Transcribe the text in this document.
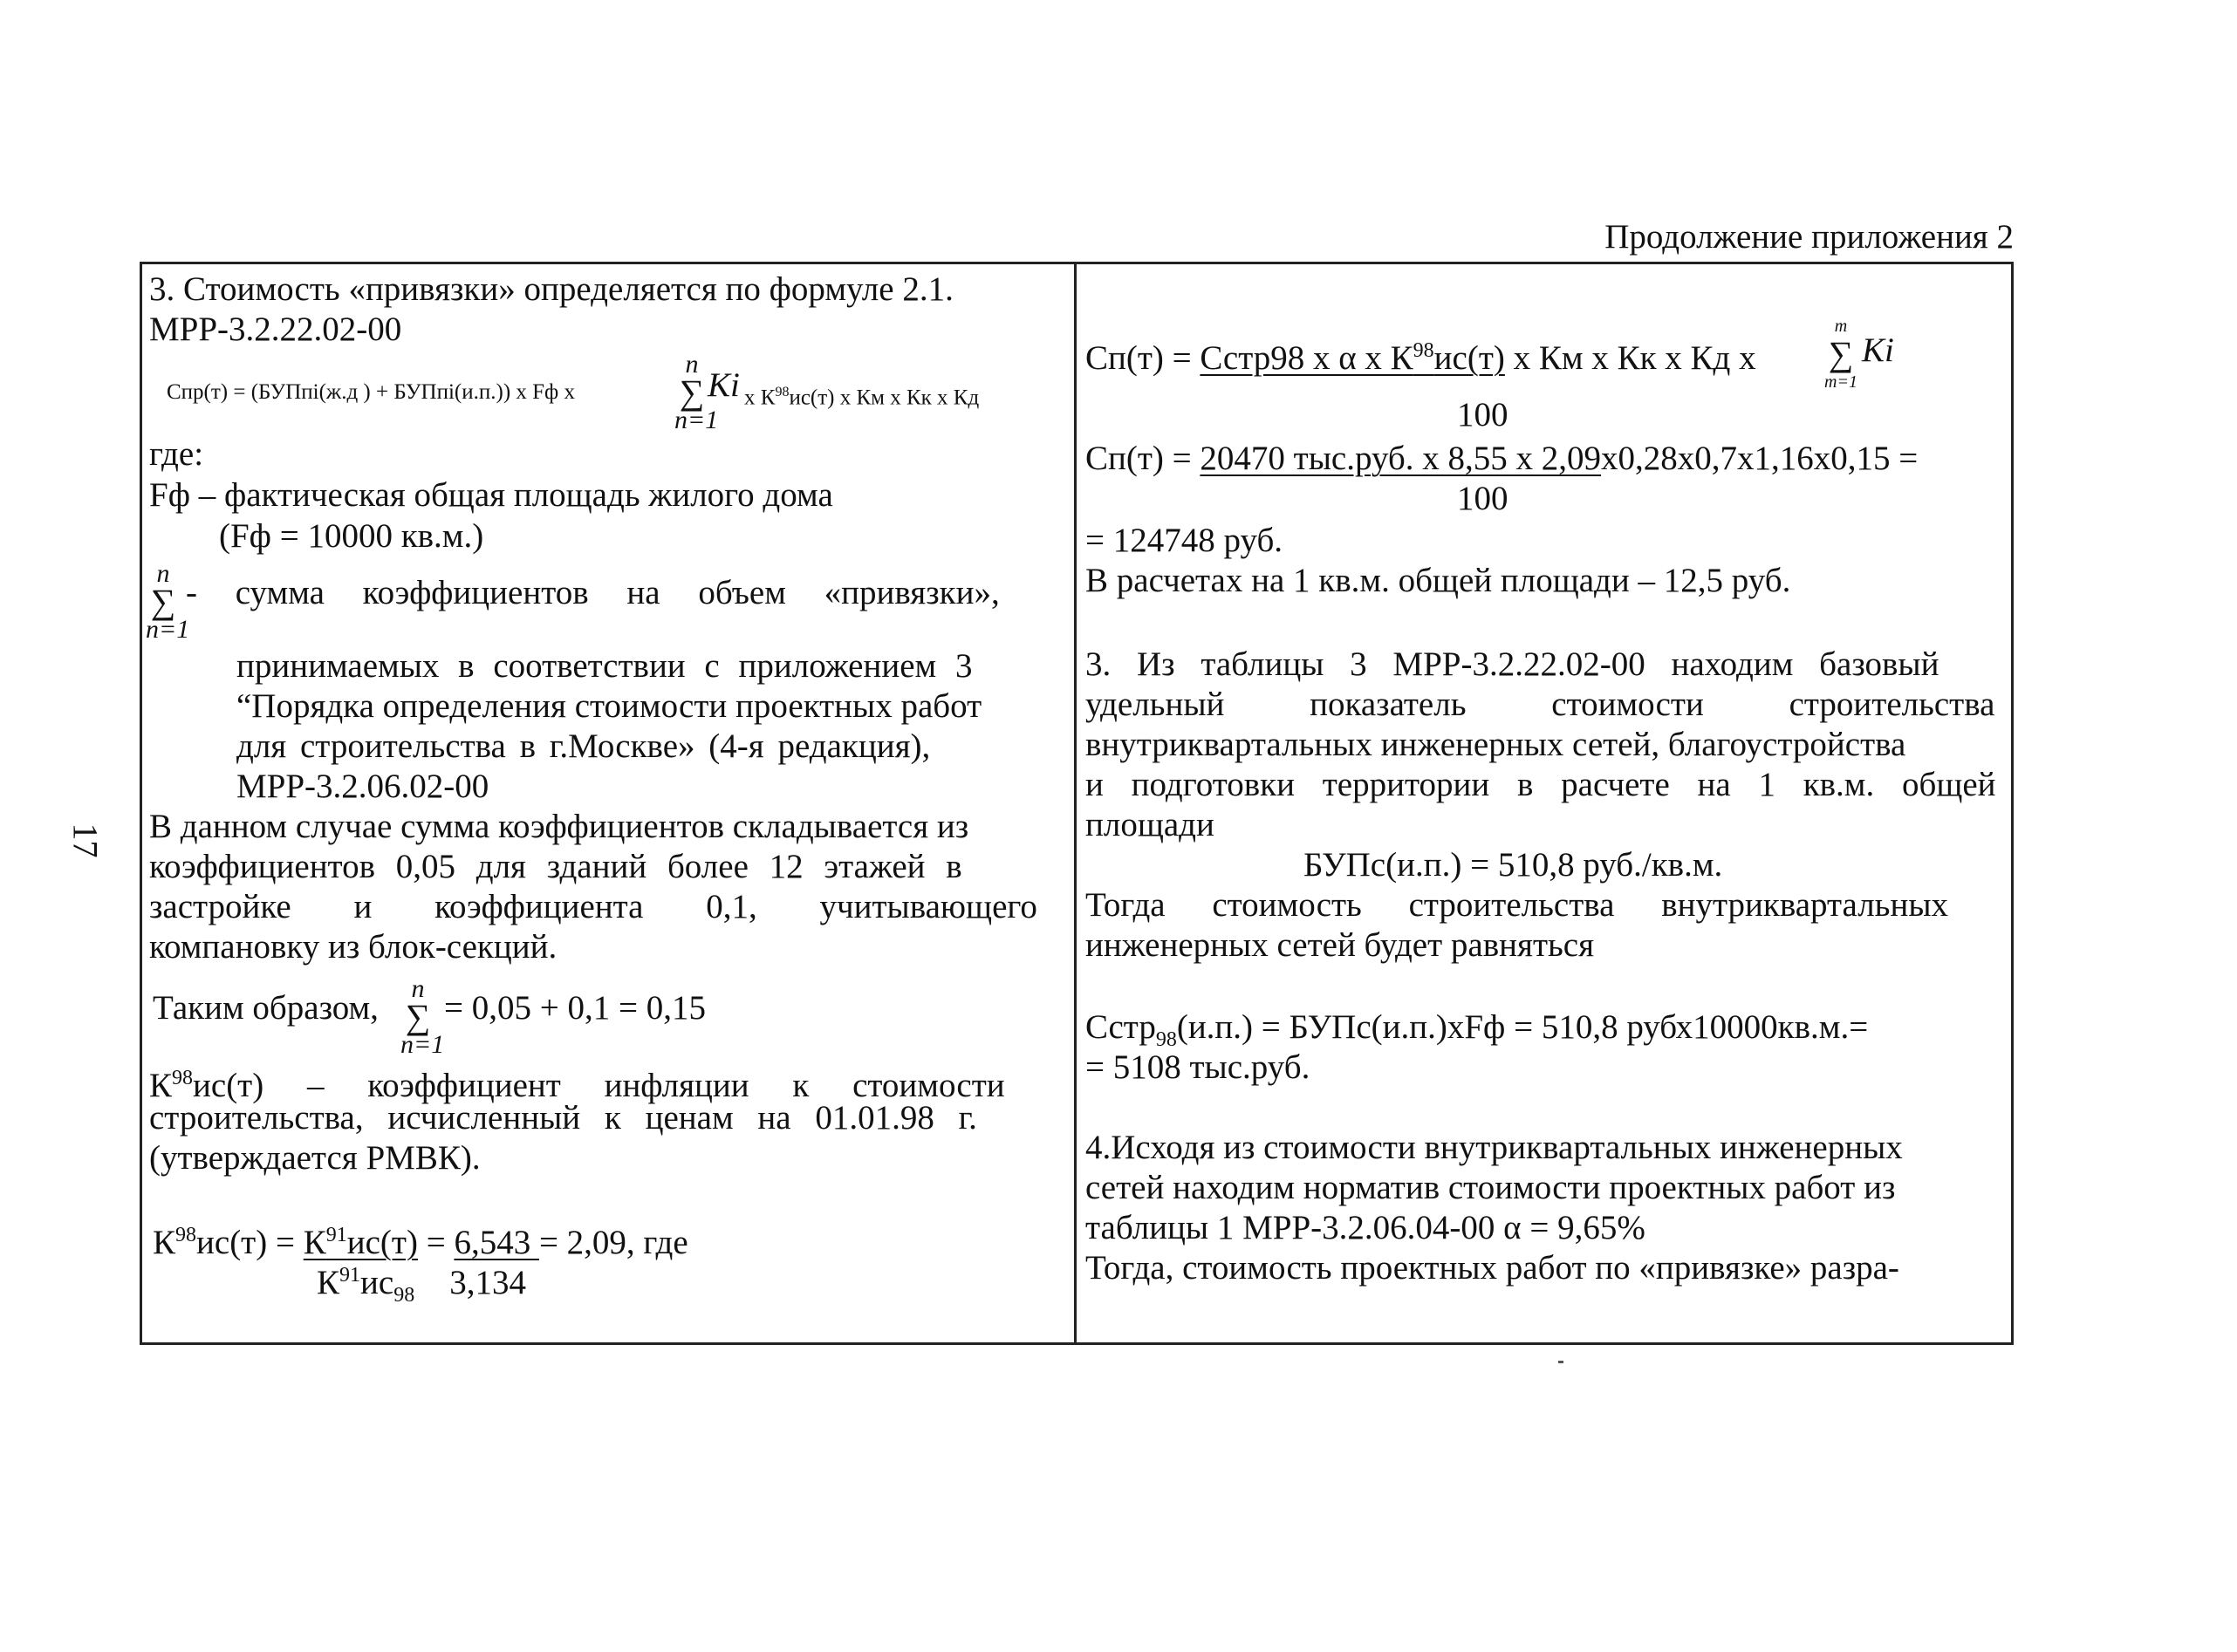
Продолжение приложения 2
17
3. Стоимость «привязки» определяется по формуле 2.1.
МРР-3.2.22.02-00
Спр(т) = (БУПпi(ж.д ) + БУПпi(и.п.)) х Fф х
n
∑
n=1
Ki х $К^{98}ис(т)$ х Км х Кк х Кд
где:
Fф – фактическая общая площадь жилого дома
(Fф = 10000 кв.м.)
n
∑
n=1
- сумма коэффициентов на объем «привязки»,
принимаемых в соответствии с приложением 3
“Порядка определения стоимости проектных работ
для строительства в г.Москве» (4-я редакция),
МРР-3.2.06.02-00
В данном случае сумма коэффициентов складывается из
коэффициентов 0,05 для зданий более 12 этажей в
застройке и коэффициента 0,1, учитывающего
компановку из блок-секций.
Таким образом,
n
∑
n=1
= 0,05 + 0,1 = 0,15
$К^{98}ис(т)$ – коэффициент инфляции к стоимости
строительства, исчисленный к ценам на 01.01.98 г.
(утверждается РМВК).
$К^{98}ис(т) = К^{91}ис(т) = 6,543 = 2,09$, где
$К^{91}ис_{98}$ 3,134
Сп(т) = Сстр98 х α х $К^{98}ис(т)$ х Км х Кк х Кд х
m
∑
m=1
Ki
100
Сп(т) = 20470 тыс.руб. х 8,55 х 2,09х0,28х0,7х1,16х0,15 =
100
= 124748 руб.
В расчетах на 1 кв.м. общей площади – 12,5 руб.
3. Из таблицы 3 МРР-3.2.22.02-00 находим базовый
удельный показатель стоимости строительства
внутриквартальных инженерных сетей, благоустройства
и подготовки территории в расчете на 1 кв.м. общей
площади
БУПс(и.п.) = 510,8 руб./кв.м.
Тогда стоимость строительства внутриквартальных
инженерных сетей будет равняться
Сстр$_{98}$(и.п.) = БУПс(и.п.)хFф = 510,8 рубх10000кв.м.=
= 5108 тыс.руб.
4.Исходя из стоимости внутриквартальных инженерных
сетей находим норматив стоимости проектных работ из
таблицы 1 МРР-3.2.06.04-00 α = 9,65%
Тогда, стоимость проектных работ по «привязке» разра-
